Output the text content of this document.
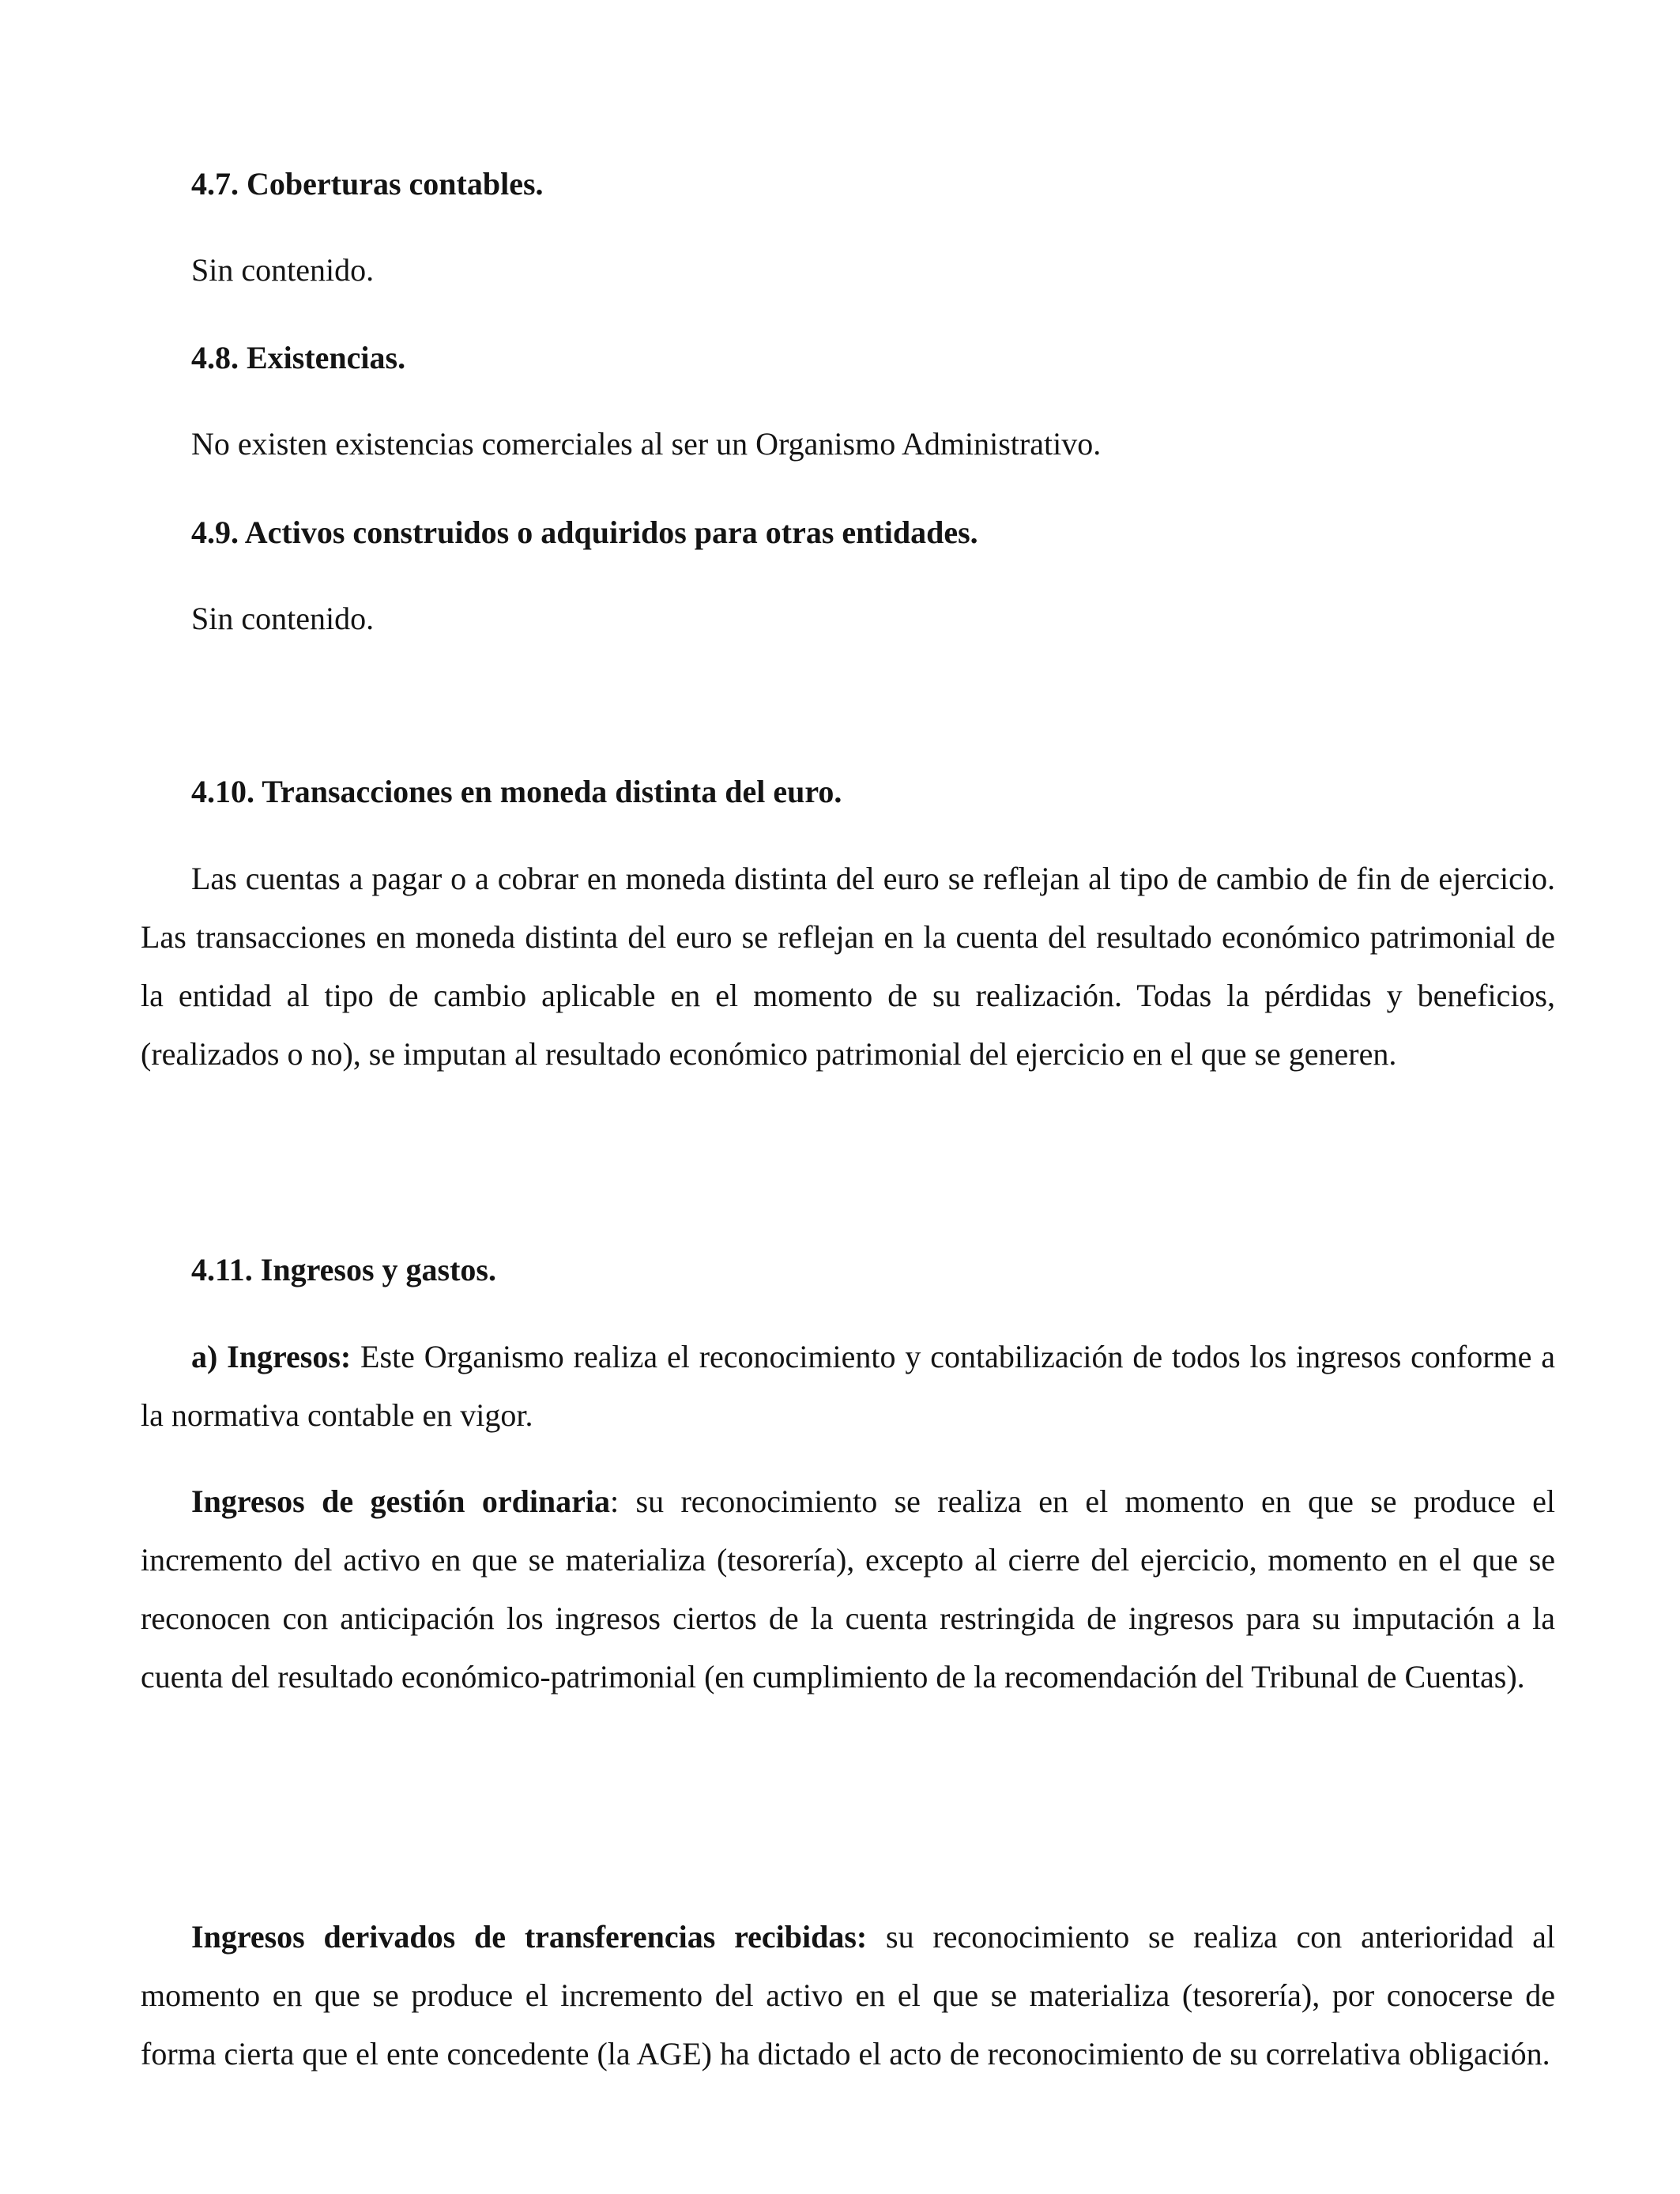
4.7. Coberturas contables.
Sin contenido.
4.8. Existencias.
No existen existencias comerciales al ser un Organismo Administrativo.
4.9. Activos construidos o adquiridos para otras entidades.
Sin contenido.
4.10. Transacciones en moneda distinta del euro.
Las cuentas a pagar o a cobrar en moneda distinta del euro se reflejan al tipo de cambio de fin de ejercicio. Las transacciones en moneda distinta del euro se reflejan en la cuenta del resultado económico patrimonial de la entidad al tipo de cambio aplicable en el momento de su realización. Todas la pérdidas y beneficios, (realizados o no), se imputan al resultado económico patrimonial del ejercicio en el que se generen.
4.11. Ingresos y gastos.
a) Ingresos: Este Organismo realiza el reconocimiento y contabilización de todos los ingresos conforme a la normativa contable en vigor.
Ingresos de gestión ordinaria: su reconocimiento se realiza en el momento en que se produce el incremento del activo en que se materializa (tesorería), excepto al cierre del ejercicio, momento en el que se reconocen con anticipación los ingresos ciertos de la cuenta restringida de ingresos para su imputación a la cuenta del resultado económico-patrimonial (en cumplimiento de la recomendación del Tribunal de Cuentas).
Ingresos derivados de transferencias recibidas: su reconocimiento se realiza con anterioridad al momento en que se produce el incremento del activo en el que se materializa (tesorería), por conocerse de forma cierta que el ente concedente (la AGE) ha dictado el acto de reconocimiento de su correlativa obligación.
